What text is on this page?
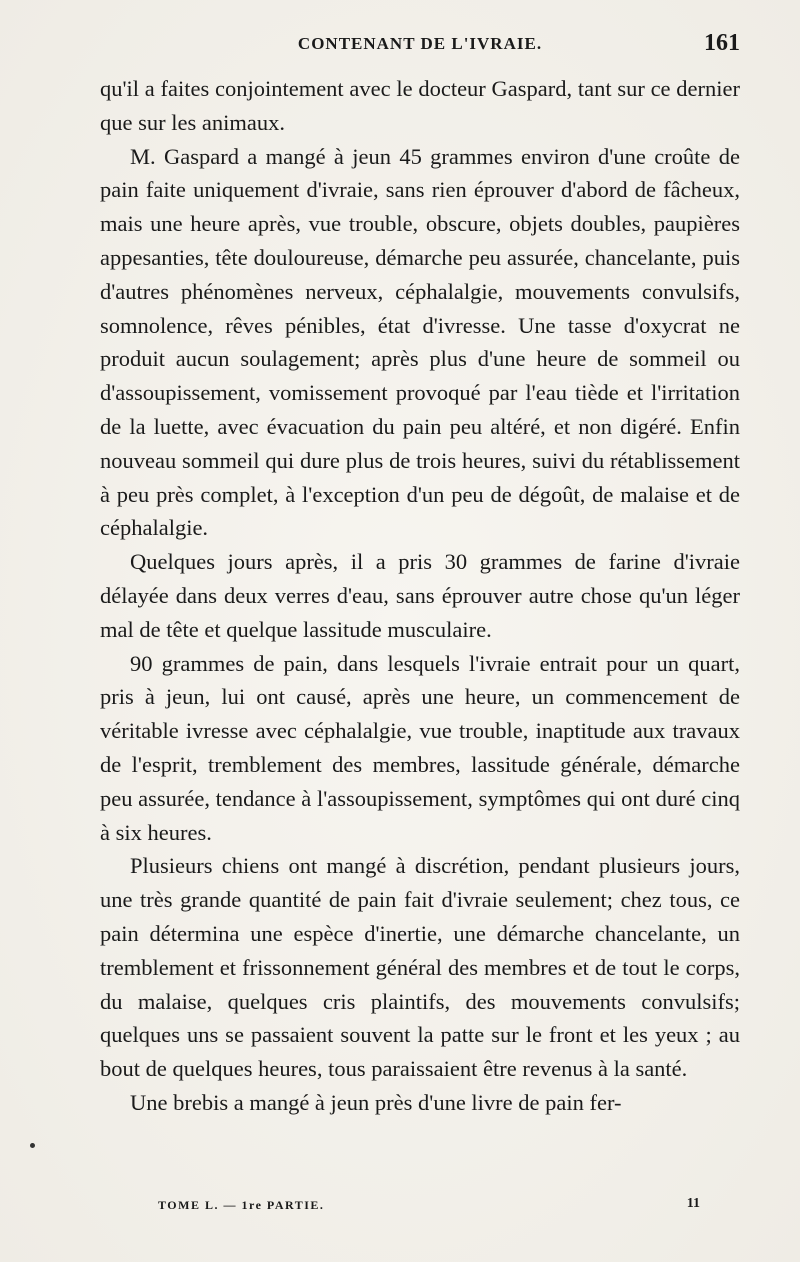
CONTENANT DE L'IVRAIE.	161

qu'il a faites conjointement avec le docteur Gaspard, tant sur ce dernier que sur les animaux.

M. Gaspard a mangé à jeun 45 grammes environ d'une croûte de pain faite uniquement d'ivraie, sans rien éprouver d'abord de fâcheux, mais une heure après, vue trouble, obscure, objets doubles, paupières appesanties, tête douloureuse, démarche peu assurée, chancelante, puis d'autres phénomènes nerveux, céphalalgie, mouvements convulsifs, somnolence, rêves pénibles, état d'ivresse. Une tasse d'oxycrat ne produit aucun soulagement; après plus d'une heure de sommeil ou d'assoupissement, vomissement provoqué par l'eau tiède et l'irritation de la luette, avec évacuation du pain peu altéré, et non digéré. Enfin nouveau sommeil qui dure plus de trois heures, suivi du rétablissement à peu près complet, à l'exception d'un peu de dégoût, de malaise et de céphalalgie.

Quelques jours après, il a pris 30 grammes de farine d'ivraie délayée dans deux verres d'eau, sans éprouver autre chose qu'un léger mal de tête et quelque lassitude musculaire.

90 grammes de pain, dans lesquels l'ivraie entrait pour un quart, pris à jeun, lui ont causé, après une heure, un commencement de véritable ivresse avec céphalalgie, vue trouble, inaptitude aux travaux de l'esprit, tremblement des membres, lassitude générale, démarche peu assurée, tendance à l'assoupissement, symptômes qui ont duré cinq à six heures.

Plusieurs chiens ont mangé à discrétion, pendant plusieurs jours, une très grande quantité de pain fait d'ivraie seulement; chez tous, ce pain détermina une espèce d'inertie, une démarche chancelante, un tremblement et frissonnement général des membres et de tout le corps, du malaise, quelques cris plaintifs, des mouvements convulsifs; quelques uns se passaient souvent la patte sur le front et les yeux ; au bout de quelques heures, tous paraissaient être revenus à la santé.

Une brebis a mangé à jeun près d'une livre de pain fer-

TOME L. — 1re PARTIE.	11
